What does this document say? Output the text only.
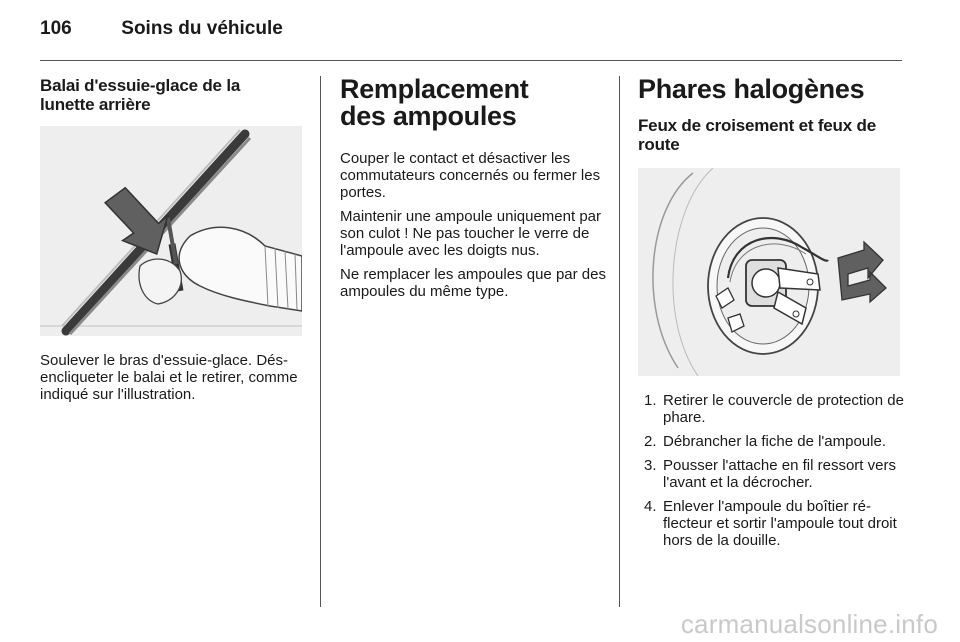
106	Soins du véhicule
Balai d'essuie-glace de la lunette arrière

Soulever le bras d'essuie-glace. Dés-encliqueter le balai et le retirer, comme indiqué sur l'illustration.

Remplacement des ampoules

Couper le contact et désactiver les commutateurs concernés ou fermer les portes.

Maintenir une ampoule uniquement par son culot ! Ne pas toucher le verre de l'ampoule avec les doigts nus.

Ne remplacer les ampoules que par des ampoules du même type.

Phares halogènes
Feux de croisement et feux de route
1. Retirer le couvercle de protection de phare.
2. Débrancher la fiche de l'ampoule.
3. Pousser l'attache en fil ressort vers l'avant et la décrocher.
4. Enlever l'ampoule du boîtier ré-flecteur et sortir l'ampoule tout droit hors de la douille.
carmanualsonline.info
